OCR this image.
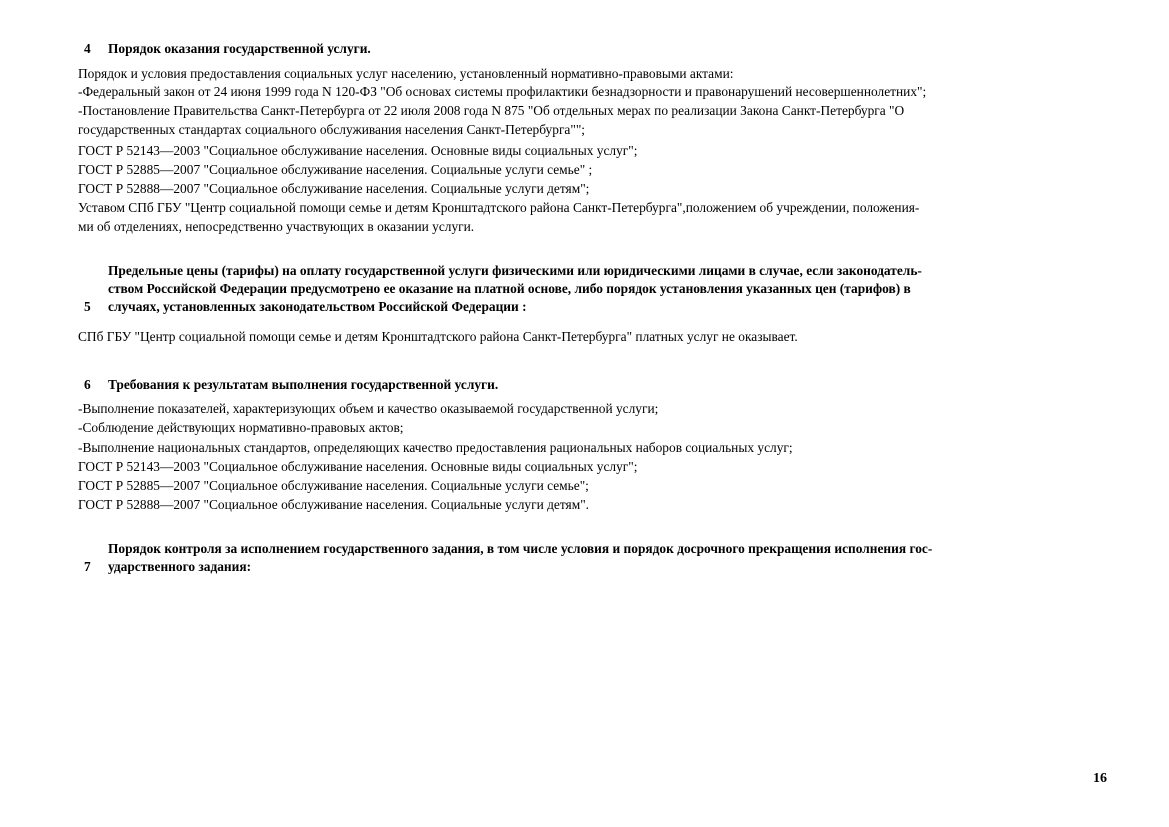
4 Порядок оказания государственной услуги.
Порядок и условия предоставления социальных услуг населению, установленный нормативно-правовыми актами:
-Федеральный закон от 24 июня 1999 года N 120-ФЗ "Об основах системы профилактики безнадзорности и правонарушений несовершеннолетних";
-Постановление Правительства Санкт-Петербурга от 22 июля 2008 года N 875 "Об отдельных мерах по реализации Закона Санкт-Петербурга "О
государственных стандартах социального обслуживания населения Санкт-Петербурга"";
ГОСТ Р 52143—2003 "Социальное обслуживание населения. Основные виды социальных услуг";
ГОСТ Р 52885—2007 "Социальное обслуживание населения. Социальные услуги семье" ;
ГОСТ Р 52888—2007 "Социальное обслуживание населения. Социальные услуги детям";
Уставом СПб ГБУ "Центр социальной помощи семье и детям Кронштадтского района Санкт-Петербурга",положением об учреждении, положения-
ми об отделениях, непосредственно участвующих в оказании услуги.
Предельные цены (тарифы) на оплату государственной услуги физическими или юридическими лицами в случае, если законодатель-
ством Российской Федерации предусмотрено ее оказание на платной основе, либо порядок установления указанных цен (тарифов) в
5 случаях, установленных законодательством Российской Федерации :
СПб ГБУ "Центр социальной помощи семье и детям Кронштадтского района Санкт-Петербурга" платных услуг не оказывает.
6 Требования к результатам выполнения государственной услуги.
-Выполнение показателей, характеризующих объем и качество оказываемой государственной услуги;
-Соблюдение действующих нормативно-правовых актов;
-Выполнение национальных стандартов, определяющих качество предоставления рациональных наборов социальных услуг;
ГОСТ Р 52143—2003 "Социальное обслуживание населения. Основные виды социальных услуг";
ГОСТ Р 52885—2007 "Социальное обслуживание населения. Социальные услуги семье";
ГОСТ Р 52888—2007 "Социальное обслуживание населения. Социальные услуги детям".
Порядок контроля за исполнением государственного задания, в том числе условия и порядок досрочного прекращения исполнения гос-
7 ударственного задания:
16
